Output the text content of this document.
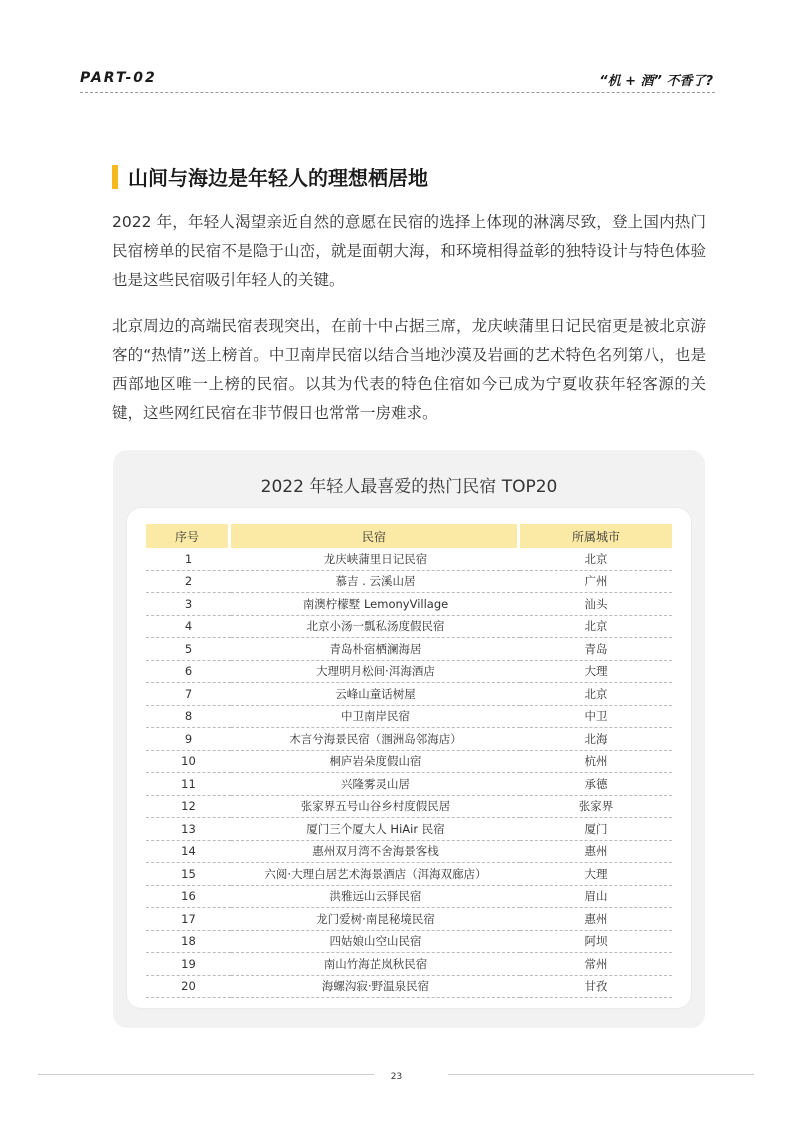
PART-02	“机 + 酒” 不香了?
山间与海边是年轻人的理想栖居地

2022 年，年轻人渴望亲近自然的意愿在民宿的选择上体现的淋漓尽致，登上国内热门民宿榜单的民宿不是隐于山峦，就是面朝大海，和环境相得益彰的独特设计与特色体验也是这些民宿吸引年轻人的关键。

北京周边的高端民宿表现突出，在前十中占据三席，龙庆峡蒲里日记民宿更是被北京游客的“热情”送上榜首。中卫南岸民宿以结合当地沙漠及岩画的艺术特色名列第八，也是西部地区唯一上榜的民宿。以其为代表的特色住宿如今已成为宁夏收获年轻客源的关键，这些网红民宿在非节假日也常常一房难求。

2022 年轻人最喜爱的热门民宿 TOP20
序号	民宿	所属城市
1	龙庆峡蒲里日记民宿	北京
2	慕吉 . 云溪山居	广州
3	南澳柠檬墅 LemonyVillage	汕头
4	北京小汤一瓢私汤度假民宿	北京
5	青岛朴宿栖澜海居	青岛
6	大理明月松间·洱海酒店	大理
7	云峰山童话树屋	北京
8	中卫南岸民宿	中卫
9	木言兮海景民宿（涠洲岛邻海店）	北海
10	桐庐岩朵度假山宿	杭州
11	兴隆雾灵山居	承德
12	张家界五号山谷乡村度假民居	张家界
13	厦门三个厦大人 HiAir 民宿	厦门
14	惠州双月湾不舍海景客栈	惠州
15	六阅·大理白居艺术海景酒店（洱海双廊店）	大理
16	洪雅远山云驿民宿	眉山
17	龙门爱树·南昆秘境民宿	惠州
18	四姑娘山空山民宿	阿坝
19	南山竹海芷岚秋民宿	常州
20	海螺沟寂·野温泉民宿	甘孜
23
